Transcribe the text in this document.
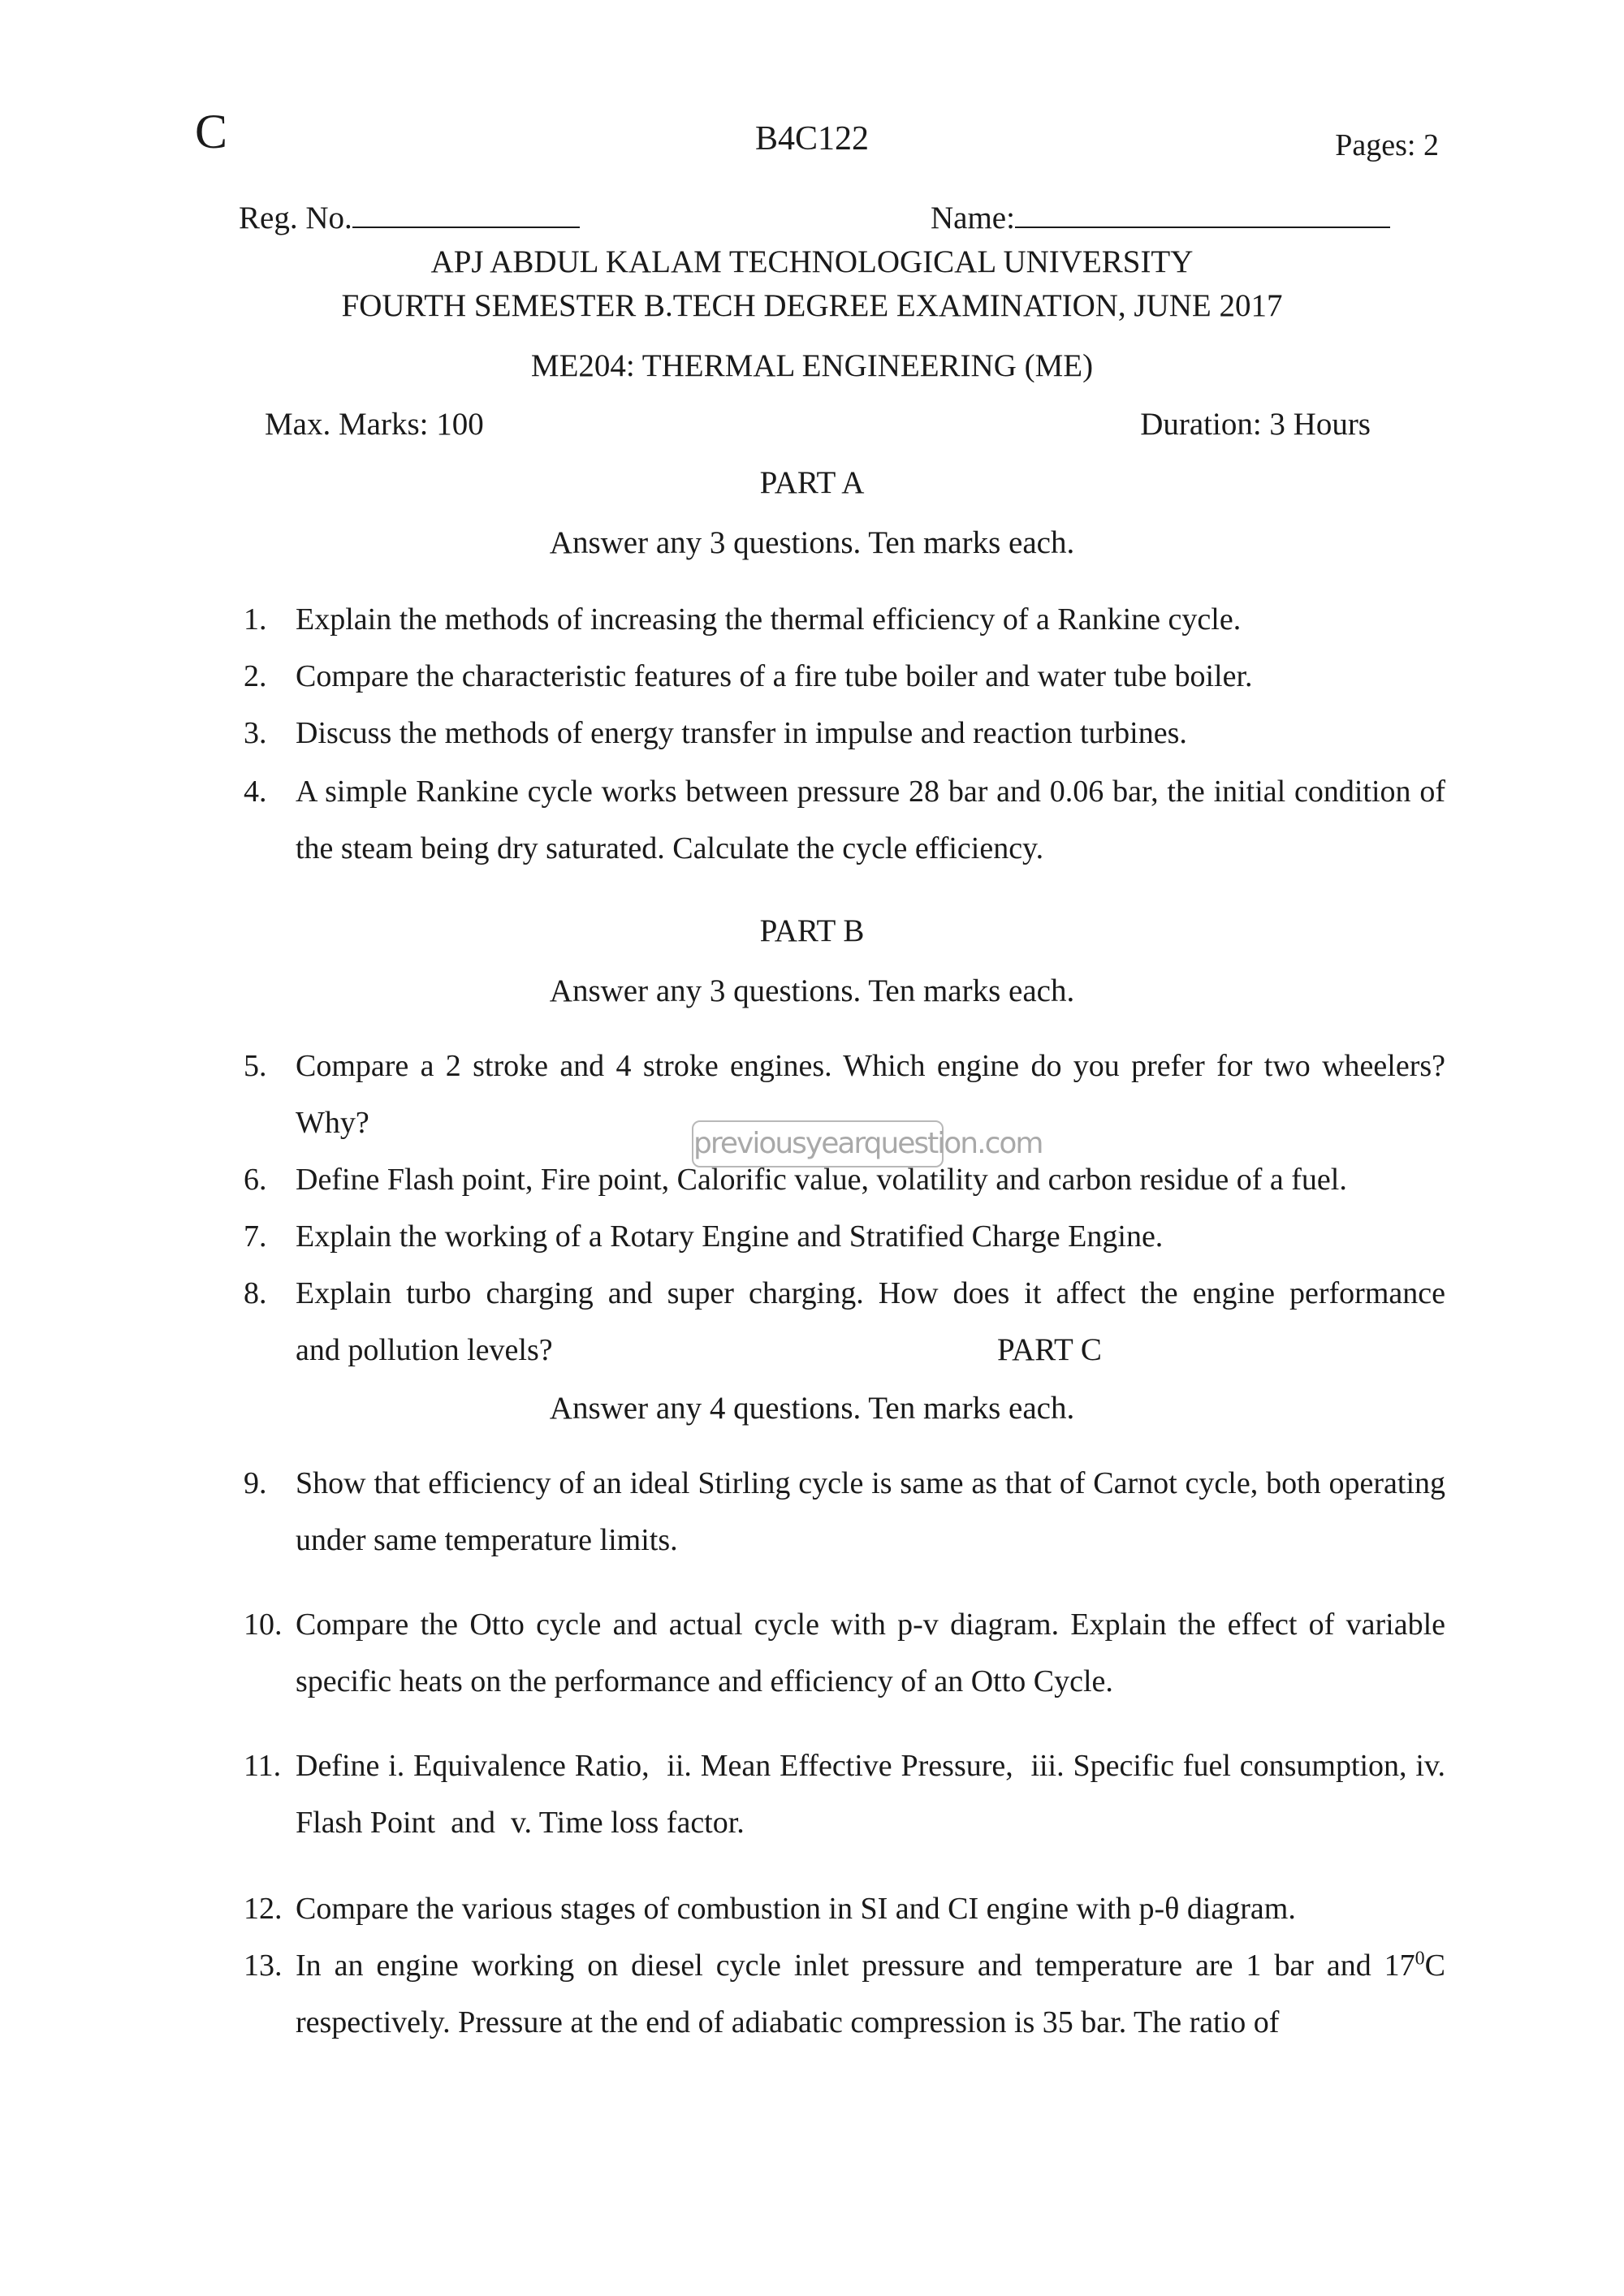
C	B4C122	Pages: 2
Reg. No.	Name:
APJ ABDUL KALAM TECHNOLOGICAL UNIVERSITY
FOURTH SEMESTER B.TECH DEGREE EXAMINATION, JUNE 2017
ME204: THERMAL ENGINEERING (ME)
Max. Marks: 100	Duration: 3 Hours
PART A
Answer any 3 questions. Ten marks each.
1. Explain the methods of increasing the thermal efficiency of a Rankine cycle.
2. Compare the characteristic features of a fire tube boiler and water tube boiler.
3. Discuss the methods of energy transfer in impulse and reaction turbines.
4. A simple Rankine cycle works between pressure 28 bar and 0.06 bar, the initial condition of the steam being dry saturated. Calculate the cycle efficiency.
PART B
Answer any 3 questions. Ten marks each.
5. Compare a 2 stroke and 4 stroke engines. Which engine do you prefer for two wheelers? Why?
6. Define Flash point, Fire point, Calorific value, volatility and carbon residue of a fuel.
7. Explain the working of a Rotary Engine and Stratified Charge Engine.
8. Explain turbo charging and super charging. How does it affect the engine performance
and pollution levels?	PART C
Answer any 4 questions. Ten marks each.
9. Show that efficiency of an ideal Stirling cycle is same as that of Carnot cycle, both operating under same temperature limits.
10. Compare the Otto cycle and actual cycle with p-v diagram. Explain the effect of variable specific heats on the performance and efficiency of an Otto Cycle.
11. Define i. Equivalence Ratio,  ii. Mean Effective Pressure,  iii. Specific fuel consumption, iv. Flash Point  and  v. Time loss factor.
12. Compare the various stages of combustion in SI and CI engine with p-θ diagram.
13. In an engine working on diesel cycle inlet pressure and temperature are 1 bar and $17^0C$
respectively. Pressure at the end of adiabatic compression is 35 bar. The ratio of
previousyearquestion.com
